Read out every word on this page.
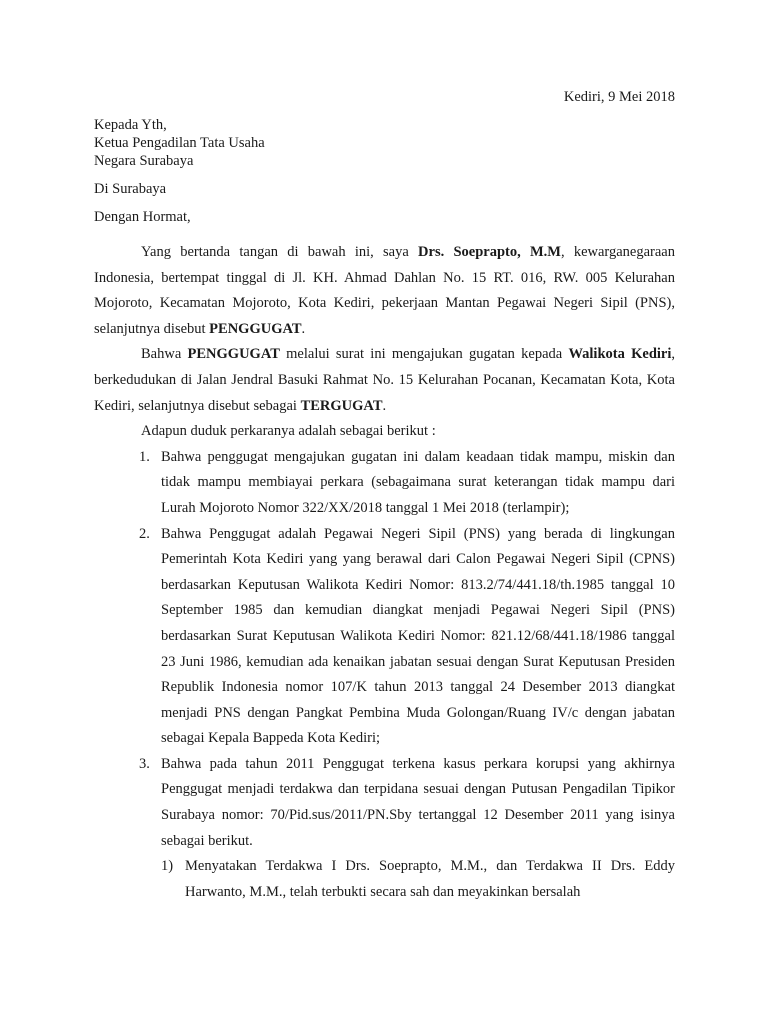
Kediri, 9 Mei 2018
Kepada Yth,
Ketua Pengadilan Tata Usaha
Negara Surabaya
Di Surabaya
Dengan Hormat,

Yang bertanda tangan di bawah ini, saya Drs. Soeprapto, M.M, kewarganegaraan Indonesia, bertempat tinggal di Jl. KH. Ahmad Dahlan No. 15 RT. 016, RW. 005 Kelurahan Mojoroto, Kecamatan Mojoroto, Kota Kediri, pekerjaan Mantan Pegawai Negeri Sipil (PNS), selanjutnya disebut PENGGUGAT.

Bahwa PENGGUGAT melalui surat ini mengajukan gugatan kepada Walikota Kediri, berkedudukan di Jalan Jendral Basuki Rahmat No. 15 Kelurahan Pocanan, Kecamatan Kota, Kota Kediri, selanjutnya disebut sebagai TERGUGAT.

Adapun duduk perkaranya adalah sebagai berikut :

1. Bahwa penggugat mengajukan gugatan ini dalam keadaan tidak mampu, miskin dan tidak mampu membiayai perkara (sebagaimana surat keterangan tidak mampu dari Lurah Mojoroto Nomor 322/XX/2018 tanggal 1 Mei 2018 (terlampir);
2. Bahwa Penggugat adalah Pegawai Negeri Sipil (PNS) yang berada di lingkungan Pemerintah Kota Kediri yang yang berawal dari Calon Pegawai Negeri Sipil (CPNS) berdasarkan Keputusan Walikota Kediri Nomor: 813.2/74/441.18/th.1985 tanggal 10 September 1985 dan kemudian diangkat menjadi Pegawai Negeri Sipil (PNS) berdasarkan Surat Keputusan Walikota Kediri Nomor: 821.12/68/441.18/1986 tanggal 23 Juni 1986, kemudian ada kenaikan jabatan sesuai dengan Surat Keputusan Presiden Republik Indonesia nomor 107/K tahun 2013 tanggal 24 Desember 2013 diangkat menjadi PNS dengan Pangkat Pembina Muda Golongan/Ruang IV/c dengan jabatan sebagai Kepala Bappeda Kota Kediri;
3. Bahwa pada tahun 2011 Penggugat terkena kasus perkara korupsi yang akhirnya Penggugat menjadi terdakwa dan terpidana sesuai dengan Putusan Pengadilan Tipikor Surabaya nomor: 70/Pid.sus/2011/PN.Sby tertanggal 12 Desember 2011 yang isinya sebagai berikut.
1) Menyatakan Terdakwa I Drs. Soeprapto, M.M., dan Terdakwa II Drs. Eddy Harwanto, M.M., telah terbukti secara sah dan meyakinkan bersalah
